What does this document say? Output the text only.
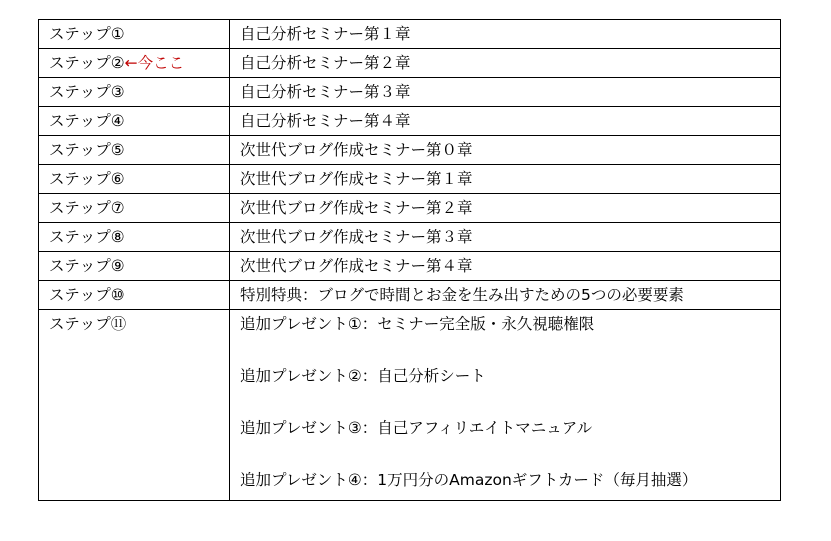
ステップ①	自己分析セミナー第１章
ステップ②←今ここ	自己分析セミナー第２章
ステップ③	自己分析セミナー第３章
ステップ④	自己分析セミナー第４章
ステップ⑤	次世代ブログ作成セミナー第０章
ステップ⑥	次世代ブログ作成セミナー第１章
ステップ⑦	次世代ブログ作成セミナー第２章
ステップ⑧	次世代ブログ作成セミナー第３章
ステップ⑨	次世代ブログ作成セミナー第４章
ステップ⑩	特別特典：ブログで時間とお金を生み出すための5つの必要要素

ステップ⑪	追加プレゼント①：セミナー完全版・永久視聴権限
追加プレゼント②：自己分析シート
追加プレゼント③：自己アフィリエイトマニュアル
追加プレゼント④：1万円分のAmazonギフトカード（毎月抽選）
